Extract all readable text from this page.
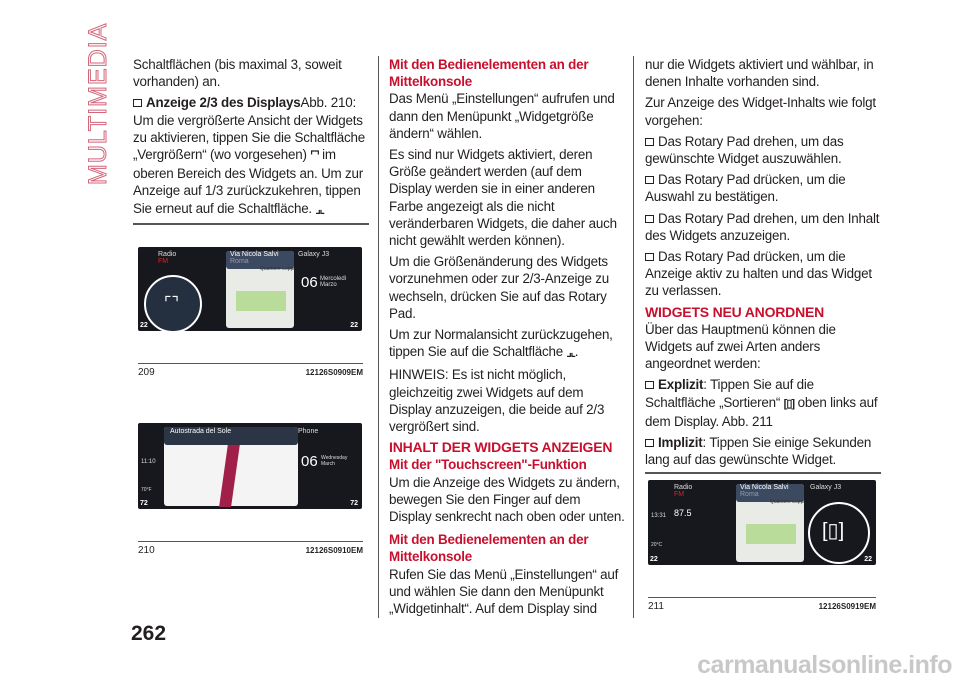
MULTIMEDIA Schaltflächen (bis maximal 3, soweit vorhanden) an.

Anzeige 2/3 des DisplaysAbb. 210: Um die vergrößerte Ansicht der Widgets zu aktivieren, tippen Sie die Schaltfläche „Vergrößern“ (wo vorgesehen) ⌜⌝ im oberen Bereich des Widgets an. Um zur Anzeige auf 1/3 zurückzukehren, tippen Sie erneut auf die Schaltfläche. ⌟⌞

Radio
FM
Via Nicola Salvi
Roma
Quartiere Loppi
Galaxy J3
06 Mercoledì
Marzo
⌜⌝
22	22
209	12126S0909EM
Autostrada del Sole
11:10
70°F
Phone
06 Wednesday
March
72	72
210	12126S0910EM

Mit den Bedienelementen an der Mittelkonsole

Das Menü „Einstellungen“ aufrufen und dann den Menüpunkt „Widgetgröße ändern“ wählen.

Es sind nur Widgets aktiviert, deren Größe geändert werden (auf dem Display werden sie in einer anderen Farbe angezeigt als die nicht veränderbaren Widgets, die daher auch nicht gewählt werden können).

Um die Größenänderung des Widgets vorzunehmen oder zur 2/3-Anzeige zu wechseln, drücken Sie auf das Rotary Pad.

Um zur Normalansicht zurückzugehen, tippen Sie auf die Schaltfläche ⌟⌞.

HINWEIS: Es ist nicht möglich, gleichzeitig zwei Widgets auf dem Display anzuzeigen, die beide auf 2/3 vergrößert sind.

INHALT DER WIDGETS ANZEIGEN

Mit der "Touchscreen"-Funktion

Um die Anzeige des Widgets zu ändern, bewegen Sie den Finger auf dem Display senkrecht nach oben oder unten.

Mit den Bedienelementen an der Mittelkonsole

Rufen Sie das Menü „Einstellungen“ auf und wählen Sie dann den Menüpunkt „Widgetinhalt“. Auf dem Display sind

nur die Widgets aktiviert und wählbar, in denen Inhalte vorhanden sind.

Zur Anzeige des Widget-Inhalts wie folgt vorgehen:

Das Rotary Pad drehen, um das gewünschte Widget auszuwählen.

Das Rotary Pad drücken, um die Auswahl zu bestätigen.

Das Rotary Pad drehen, um den Inhalt des Widgets anzuzeigen.

Das Rotary Pad drücken, um die Anzeige aktiv zu halten und das Widget zu verlassen.

WIDGETS NEU ANORDNEN

Über das Hauptmenü können die Widgets auf zwei Arten anders angeordnet werden:

Explizit: Tippen Sie auf die Schaltfläche „Sortieren“ [▯] oben links auf dem Display. Abb. 211

Implizit: Tippen Sie einige Sekunden lang auf das gewünschte Widget.

Radio
FM
87.5
13:31
20°C
Via Nicola Salvi
Roma
Quartiere Loppi
Galaxy J3
[▯]
22	22
211	12126S0919EM
262
carmanualsonline.info
